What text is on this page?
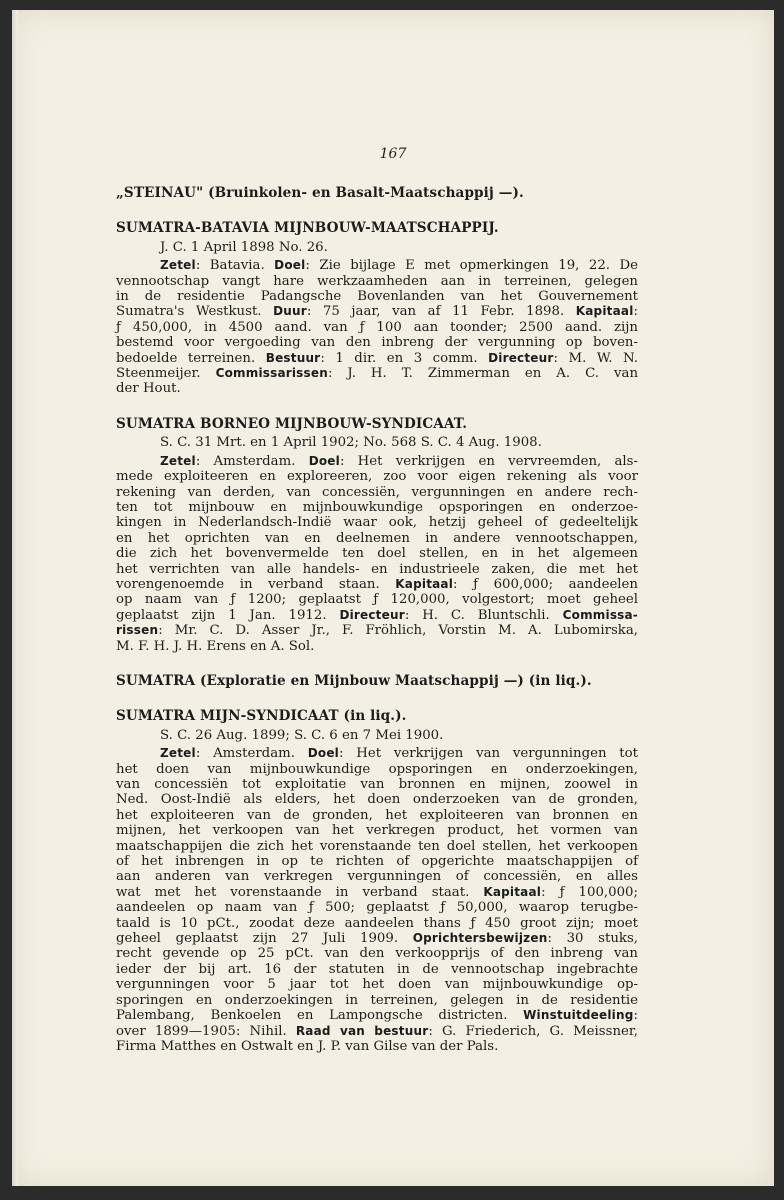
167
„STEINAU" (Bruinkolen- en Basalt-Maatschappij —).
SUMATRA-BATAVIA MIJNBOUW-MAATSCHAPPIJ.
J. C. 1 April 1898 No. 26.
Zetel: Batavia. Doel: Zie bijlage E met opmerkingen 19, 22. De
vennootschap vangt hare werkzaamheden aan in terreinen, gelegen
in de residentie Padangsche Bovenlanden van het Gouvernement
Sumatra's Westkust. Duur: 75 jaar, van af 11 Febr. 1898. Kapitaal:
ƒ 450,000, in 4500 aand. van ƒ 100 aan toonder; 2500 aand. zijn
bestemd voor vergoeding van den inbreng der vergunning op boven-
bedoelde terreinen. Bestuur: 1 dir. en 3 comm. Directeur: M. W. N.
Steenmeijer. Commissarissen: J. H. T. Zimmerman en A. C. van
der Hout.
SUMATRA BORNEO MIJNBOUW-SYNDICAAT.
S. C. 31 Mrt. en 1 April 1902; No. 568 S. C. 4 Aug. 1908.
Zetel: Amsterdam. Doel: Het verkrijgen en vervreemden, als-
mede exploiteeren en exploreeren, zoo voor eigen rekening als voor
rekening van derden, van concessiën, vergunningen en andere rech-
ten tot mijnbouw en mijnbouwkundige opsporingen en onderzoe-
kingen in Nederlandsch-Indië waar ook, hetzij geheel of gedeeltelijk
en het oprichten van en deelnemen in andere vennootschappen,
die zich het bovenvermelde ten doel stellen, en in het algemeen
het verrichten van alle handels- en industrieele zaken, die met het
vorengenoemde in verband staan. Kapitaal: ƒ 600,000; aandeelen
op naam van ƒ 1200; geplaatst ƒ 120,000, volgestort; moet geheel
geplaatst zijn 1 Jan. 1912. Directeur: H. C. Bluntschli. Commissa-
rissen: Mr. C. D. Asser Jr., F. Fröhlich, Vorstin M. A. Lubomirska,
M. F. H. J. H. Erens en A. Sol.
SUMATRA (Exploratie en Mijnbouw Maatschappij —) (in liq.).
SUMATRA MIJN-SYNDICAAT (in liq.).
S. C. 26 Aug. 1899; S. C. 6 en 7 Mei 1900.
Zetel: Amsterdam. Doel: Het verkrijgen van vergunningen tot
het doen van mijnbouwkundige opsporingen en onderzoekingen,
van concessiën tot exploitatie van bronnen en mijnen, zoowel in
Ned. Oost-Indië als elders, het doen onderzoeken van de gronden,
het exploiteeren van de gronden, het exploiteeren van bronnen en
mijnen, het verkoopen van het verkregen product, het vormen van
maatschappijen die zich het vorenstaande ten doel stellen, het verkoopen
of het inbrengen in op te richten of opgerichte maatschappijen of
aan anderen van verkregen vergunningen of concessiën, en alles
wat met het vorenstaande in verband staat. Kapitaal: ƒ 100,000;
aandeelen op naam van ƒ 500; geplaatst ƒ 50,000, waarop terugbe-
taald is 10 pCt., zoodat deze aandeelen thans ƒ 450 groot zijn; moet
geheel geplaatst zijn 27 Juli 1909. Oprichtersbewijzen: 30 stuks,
recht gevende op 25 pCt. van den verkoopprijs of den inbreng van
ieder der bij art. 16 der statuten in de vennootschap ingebrachte
vergunningen voor 5 jaar tot het doen van mijnbouwkundige op-
sporingen en onderzoekingen in terreinen, gelegen in de residentie
Palembang, Benkoelen en Lampongsche districten. Winstuitdeeling:
over 1899—1905: Nihil. Raad van bestuur: G. Friederich, G. Meissner,
Firma Matthes en Ostwalt en J. P. van Gilse van der Pals.
